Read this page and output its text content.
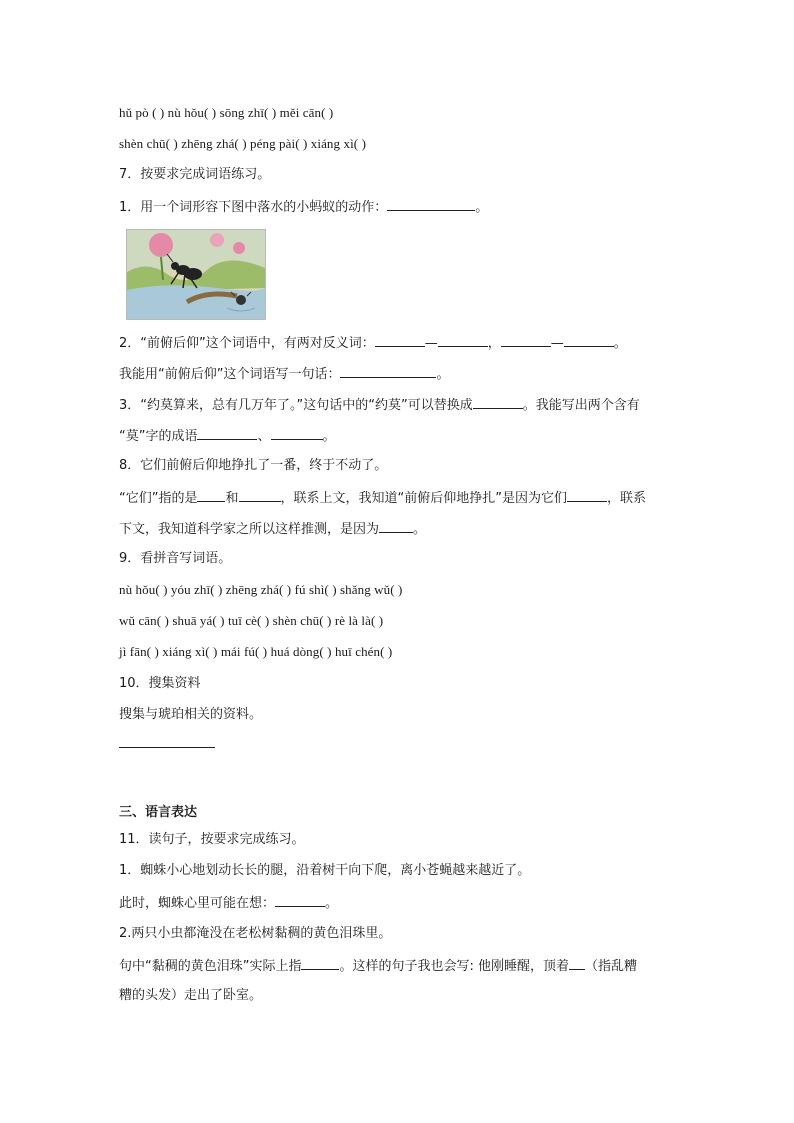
hǔ pò ( ) nù hǒu( ) sōng zhī( ) měi cān( )
shèn chū( ) zhēng zhá( ) péng pài( ) xiáng xì( )
7．按要求完成词语练习。
1．用一个词形容下图中落水的小蚂蚁的动作：	。
2．“前俯后仰”这个词语中，有两对反义词：	—	，	—	。
我能用“前俯后仰”这个词语写一句话：	。
3．“约莫算来，总有几万年了。”这句话中的“约莫”可以替换成	。我能写出两个含有
“莫”字的成语	、	。
8．它们前俯后仰地挣扎了一番，终于不动了。
“它们”指的是 和	，联系上文，我知道“前俯后仰地挣扎”是因为它们	，联系
下文，我知道科学家之所以这样推测，是因为	。
9．看拼音写词语。
nù hǒu( ) yóu zhī( ) zhēng zhá( ) fú shì( ) shǎng wǔ( )
wǔ cān( ) shuā yá( ) tuī cè( ) shèn chū( ) rè là là( )
jì fān( ) xiáng xì( ) mái fú( ) huá dòng( ) huī chén( )
10．搜集资料
搜集与琥珀相关的资料。
三、语言表达
11．读句子，按要求完成练习。
1．蜘蛛小心地划动长长的腿，沿着树干向下爬，离小苍蝇越来越近了。
此时，蜘蛛心里可能在想：	。
2.两只小虫都淹没在老松树黏稠的黄色泪珠里。
句中“黏稠的黄色泪珠”实际上指	。这样的句子我也会写: 他刚睡醒，顶着 （指乱糟
糟的头发）走出了卧室。
